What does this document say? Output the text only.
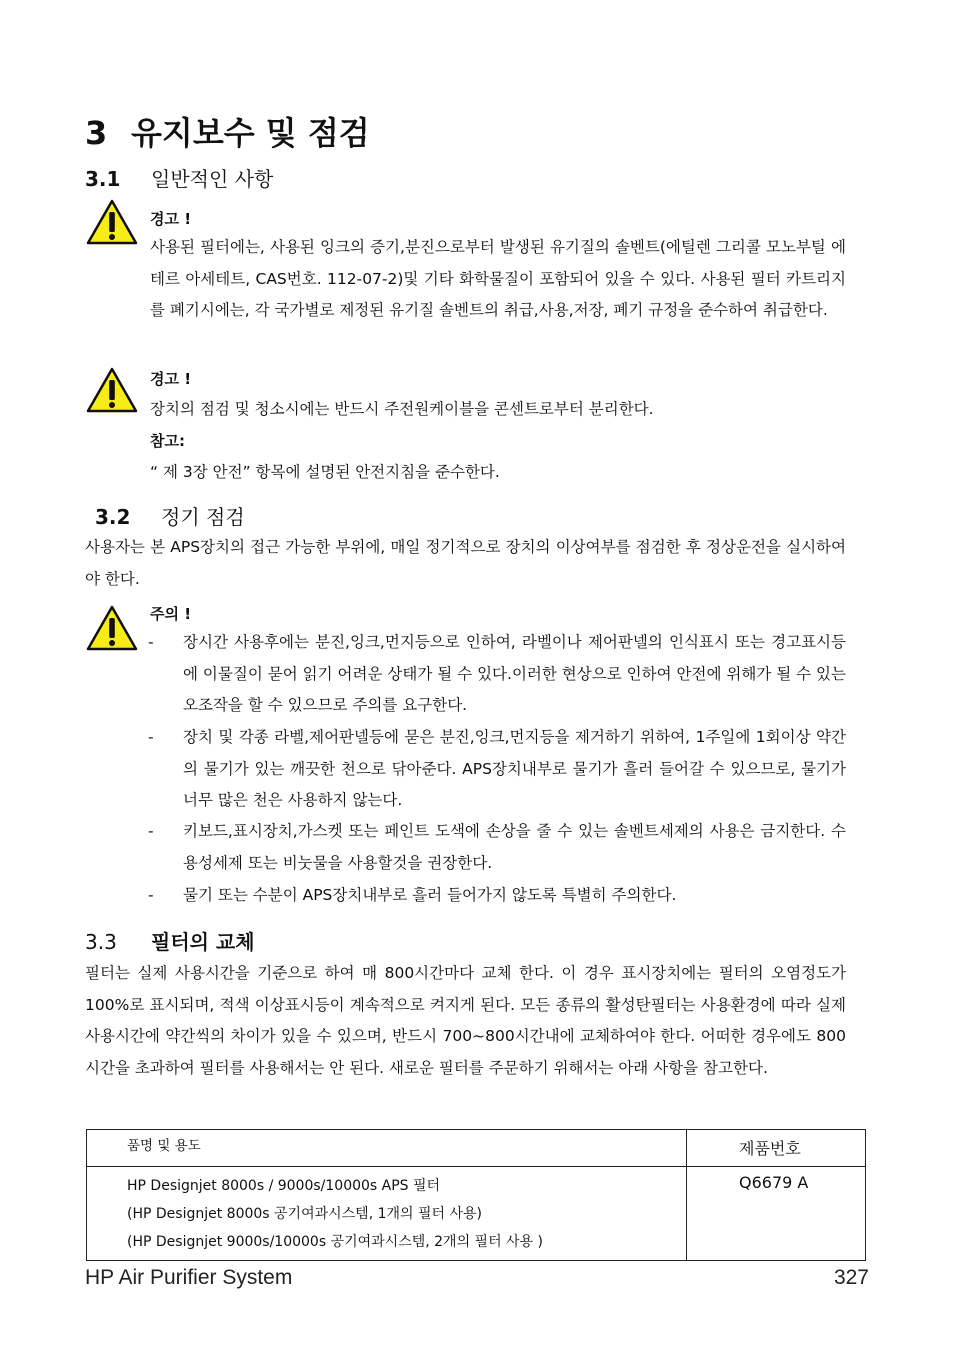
3 유지보수 및 점검
3.1 일반적인 사항
경고 !
사용된 필터에는, 사용된 잉크의 증기,분진으로부터 발생된 유기질의 솔벤트(에틸렌 그리콜 모노부틸 에테르 아세테트, CAS번호. 112-07-2)및 기타 화학물질이 포함되어 있을 수 있다. 사용된 필터 카트리지를 폐기시에는, 각 국가별로 제정된 유기질 솔벤트의 취급,사용,저장, 폐기 규정을 준수하여 취급한다.
경고 !
장치의 점검 및 청소시에는 반드시 주전원케이블을 콘센트로부터 분리한다.
참고:
“ 제 3장 안전” 항목에 설명된 안전지침을 준수한다.
3.2 정기 점검
사용자는 본 APS장치의 접근 가능한 부위에, 매일 정기적으로 장치의 이상여부를 점검한 후 정상운전을 실시하여야 한다.
주의 !
-	장시간 사용후에는 분진,잉크,먼지등으로 인하여, 라벨이나 제어판넬의 인식표시 또는 경고표시등에 이물질이 묻어 읽기 어려운 상태가 될 수 있다.이러한 현상으로 인하여 안전에 위해가 될 수 있는 오조작을 할 수 있으므로 주의를 요구한다.
-	장치 및 각종 라벨,제어판넬등에 묻은 분진,잉크,먼지등을 제거하기 위하여, 1주일에 1회이상 약간의 물기가 있는 깨끗한 천으로 닦아준다. APS장치내부로 물기가 흘러 들어갈 수 있으므로, 물기가 너무 많은 천은 사용하지 않는다.
-	키보드,표시장치,가스켓 또는 페인트 도색에 손상을 줄 수 있는 솔벤트세제의 사용은 금지한다. 수용성세제 또는 비눗물을 사용할것을 권장한다.
-	물기 또는 수분이 APS장치내부로 흘러 들어가지 않도록 특별히 주의한다.
3.3 필터의 교체
필터는 실제 사용시간을 기준으로 하여 매 800시간마다 교체 한다. 이 경우 표시장치에는 필터의 오염정도가 100%로 표시되며, 적색 이상표시등이 계속적으로 켜지게 된다. 모든 종류의 활성탄필터는 사용환경에 따라 실제 사용시간에 약간씩의 차이가 있을 수 있으며, 반드시 700~800시간내에 교체하여야 한다. 어떠한 경우에도 800시간을 초과하여 필터를 사용해서는 안 된다. 새로운 필터를 주문하기 위해서는 아래 사항을 참고한다.
품명 및 용도	제품번호

HP Designjet 8000s / 9000s/10000s APS 필터
(HP Designjet 8000s 공기여과시스템, 1개의 필터 사용)
(HP Designjet 9000s/10000s 공기여과시스템, 2개의 필터 사용 )	Q6679 A
HP Air Purifier System	327
